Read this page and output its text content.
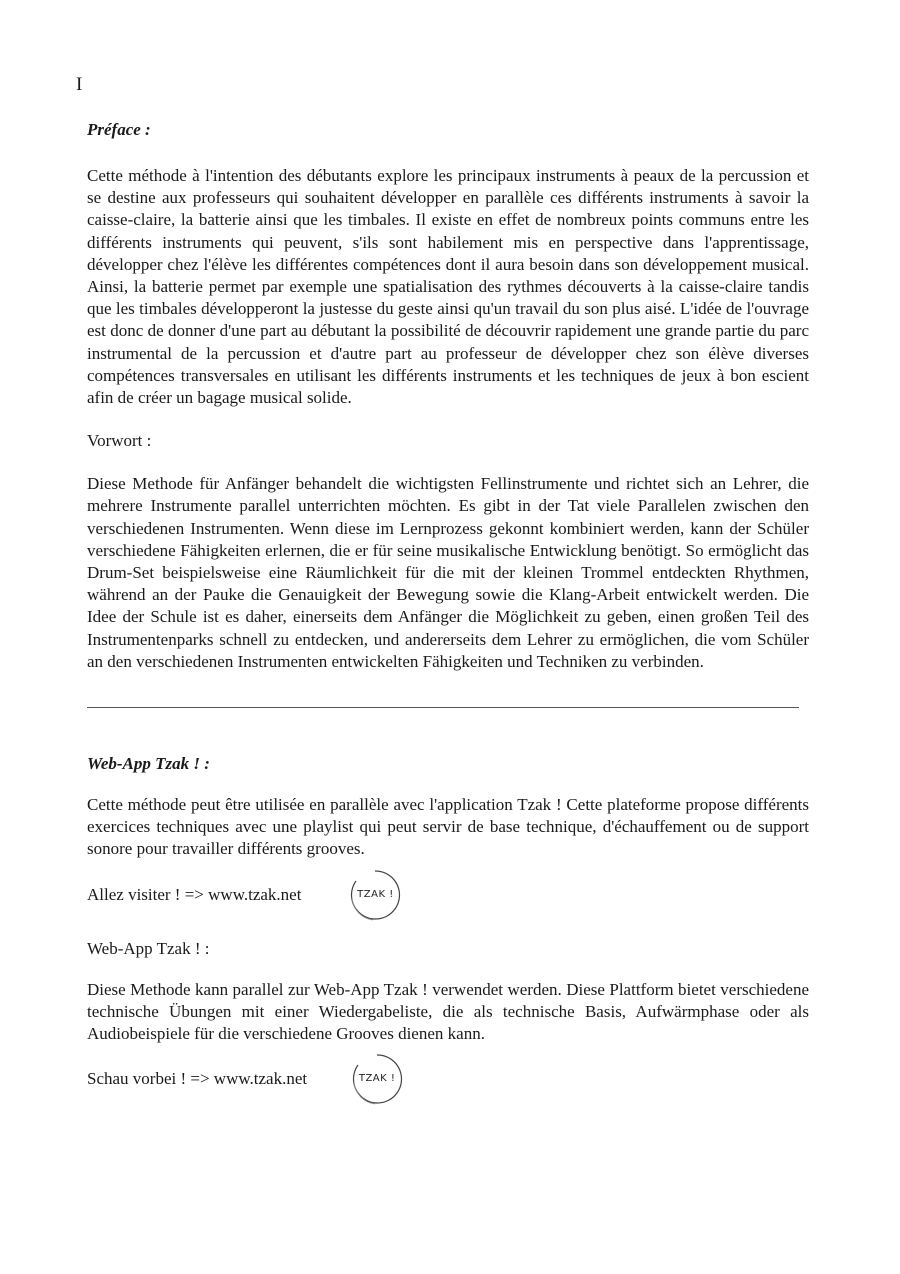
I

Préface :

Cette méthode à l'intention des débutants explore les principaux instruments à peaux de la percussion et se destine aux professeurs qui souhaitent développer en parallèle ces différents instruments à savoir la caisse-claire, la batterie ainsi que les timbales. Il existe en effet de nombreux points communs entre les différents instruments qui peuvent, s'ils sont habilement mis en perspective dans l'apprentissage, développer chez l'élève les différentes compétences dont il aura besoin dans son développement musical. Ainsi, la batterie permet par exemple une spatialisation des rythmes découverts à la caisse-claire tandis que les timbales développeront la justesse du geste ainsi qu'un travail du son plus aisé. L'idée de l'ouvrage est donc de donner d'une part au débutant la possibilité de découvrir rapidement une grande partie du parc instrumental de la percussion et d'autre part au professeur de développer chez son élève diverses compétences transversales en utilisant les différents instruments et les techniques de jeux à bon escient afin de créer un bagage musical solide.

Vorwort :

Diese Methode für Anfänger behandelt die wichtigsten Fellinstrumente und richtet sich an Lehrer, die mehrere Instrumente parallel unterrichten möchten. Es gibt in der Tat viele Parallelen zwischen den verschiedenen Instrumenten. Wenn diese im Lernprozess gekonnt kombiniert werden, kann der Schüler verschiedene Fähigkeiten erlernen, die er für seine musikalische Entwicklung benötigt. So ermöglicht das Drum-Set beispielsweise eine Räumlichkeit für die mit der kleinen Trommel entdeckten Rhythmen, während an der Pauke die Genauigkeit der Bewegung sowie die Klang-Arbeit entwickelt werden. Die Idee der Schule ist es daher, einerseits dem Anfänger die Möglichkeit zu geben, einen großen Teil des Instrumentenparks schnell zu entdecken, und andererseits dem Lehrer zu ermöglichen, die vom Schüler an den verschiedenen Instrumenten entwickelten Fähigkeiten und Techniken zu verbinden.

Web-App Tzak ! :

Cette méthode peut être utilisée en parallèle avec l'application Tzak ! Cette plateforme propose différents exercices techniques avec une playlist qui peut servir de base technique, d'échauffement ou de support sonore pour travailler différents grooves.

Allez visiter ! => www.tzak.net	TZAK !

Web-App Tzak ! :

Diese Methode kann parallel zur Web-App Tzak ! verwendet werden. Diese Plattform bietet verschiedene technische Übungen mit einer Wiedergabeliste, die als technische Basis, Aufwärmphase oder als Audiobeispiele für die verschiedene Grooves dienen kann.

Schau vorbei ! => www.tzak.net	TZAK !
